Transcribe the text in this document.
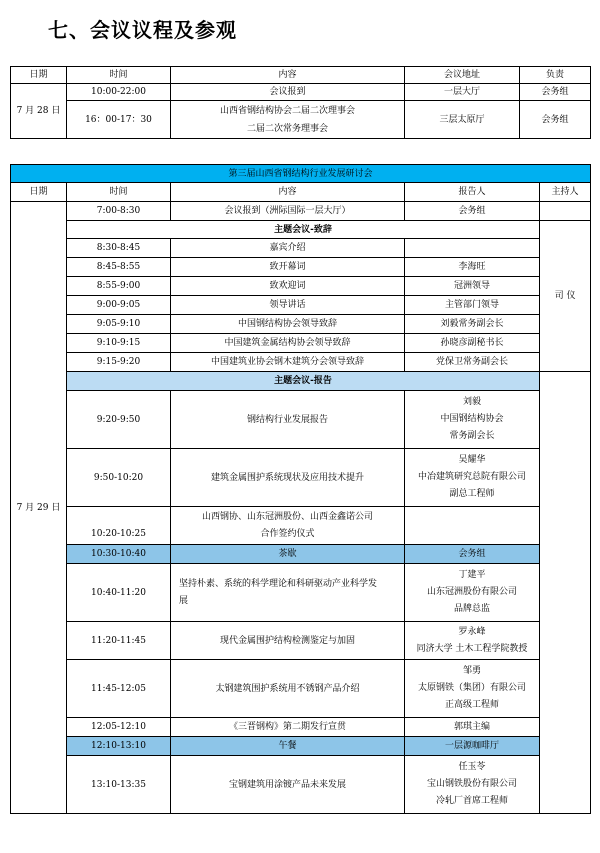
七、会议议程及参观
日期	时间	内容	会议地址	负责
7 月 28 日	10:00-22:00	会议报到	一层大厅	会务组
	16：00-17：30	山西省钢结构协会二届二次理事会
二届二次常务理事会	三层太原厅	会务组
第三届山西省钢结构行业发展研讨会				
日期	时间	内容	报告人	主持人
7 月 29 日	7:00-8:30	会议报到（洲际国际一层大厅）	会务组	
	主题会议-致辞			司 仪
	8:30-8:45	嘉宾介绍		
	8:45-8:55	致开幕词	李海旺	
	8:55-9:00	致欢迎词	冠洲领导	
	9:00-9:05	领导讲话	主管部门领导	
	9:05-9:10	中国钢结构协会领导致辞	刘毅常务副会长	
	9:10-9:15	中国建筑金属结构协会领导致辞	孙晓彦副秘书长	
	9:15-9:20	中国建筑业协会钢木建筑分会领导致辞	党保卫常务副会长	
	主题会议-报告			
	9:20-9:50	钢结构行业发展报告	刘毅
中国钢结构协会
常务副会长	

	9:50-10:20	建筑金属围护系统现状及应用技术提升	吴耀华
中冶建筑研究总院有限公司
副总工程师	

	10:20-10:25	山西钢协、山东冠洲股份、山西金鑫诺公司
合作签约仪式		

	10:30-10:40	茶歇	会务组	
	10:40-11:20	坚持朴素、系统的科学理论和科研驱动产业科学发
展	丁建平
山东冠洲股份有限公司
品牌总监	

	11:20-11:45	现代金属围护结构检测鉴定与加固	罗永峰
同济大学 土木工程学院教授	

	11:45-12:05	太钢建筑围护系统用不锈钢产品介绍	邹勇
太原钢铁（集团）有限公司
正高级工程师	

	12:05-12:10	《三晋钢构》第二期发行宣贯	郭琪主编	
	12:10-13:10	午餐	一层源咖啡厅	
	13:10-13:35	宝钢建筑用涂镀产品未来发展	任玉苓
宝山钢铁股份有限公司
冷轧厂首席工程师	
